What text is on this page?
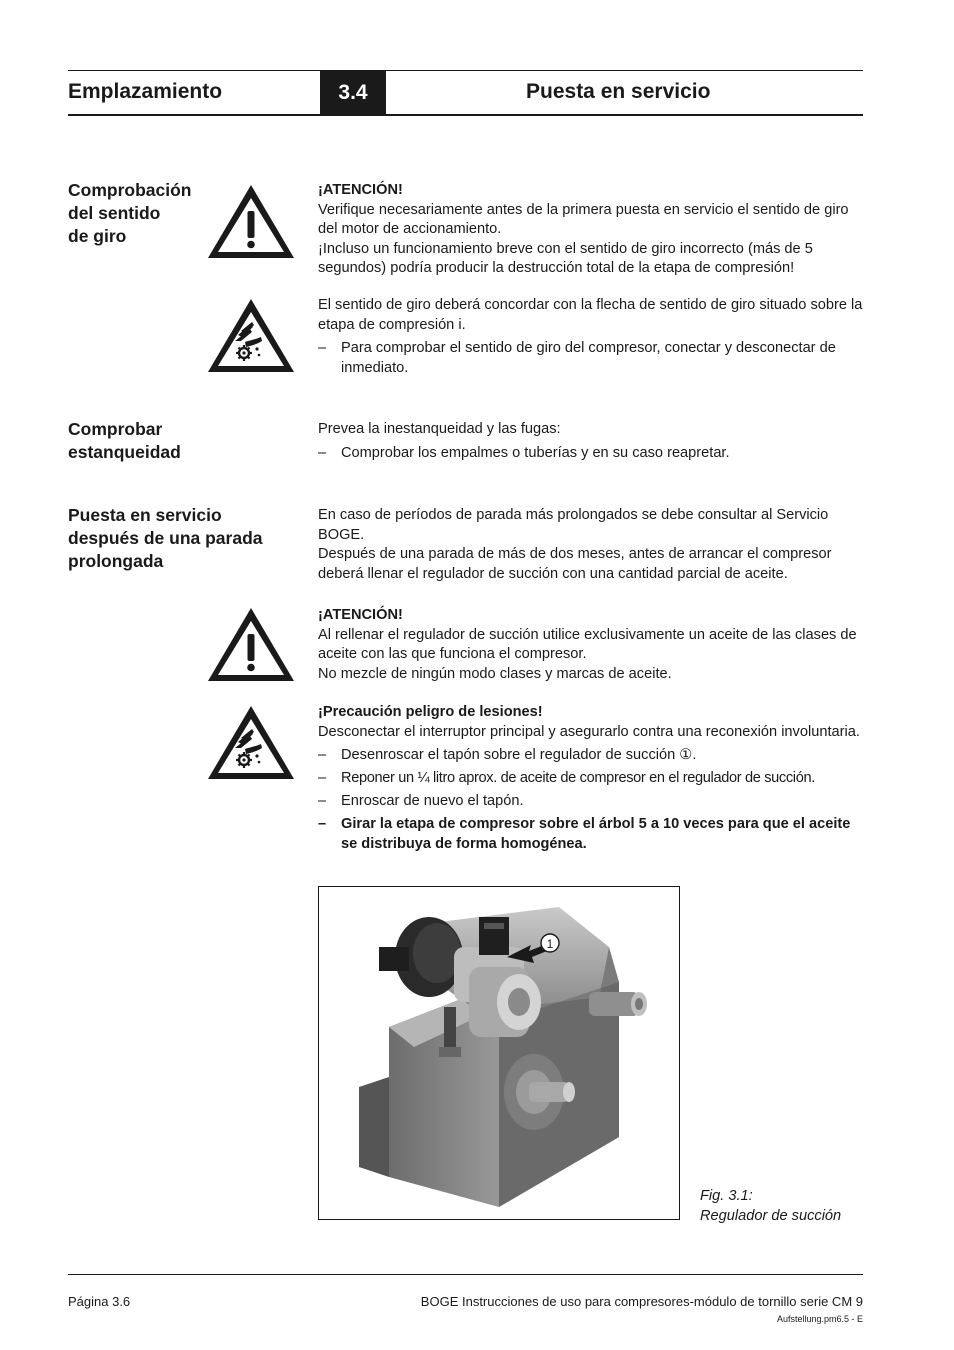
Emplazamiento	3.4	Puesta en servicio
Comprobación
del sentido
de giro

¡ATENCIÓN!

Verifique necesariamente antes de la primera puesta en servicio el sentido de giro del motor de accionamiento.

¡Incluso un funcionamiento breve con el sentido de giro incorrecto (más de 5 segundos) podría producir la destrucción total de la etapa de compresión!

El sentido de giro deberá concordar con la flecha de sentido de giro situado sobre la etapa de compresión i.

– Para comprobar el sentido de giro del compresor, conectar y desconectar de inmediato.
Comprobar
estanqueidad

Prevea la inestanqueidad y las fugas:

– Comprobar los empalmes o tuberías y en su caso reapretar.
Puesta en servicio
después de una parada
prolongada

En caso de períodos de parada más prolongados se debe consultar al Servicio BOGE.

Después de una parada de más de dos meses, antes de arrancar el compresor deberá llenar el regulador de succión con una cantidad parcial de aceite.

¡ATENCIÓN!

Al rellenar el regulador de succión utilice exclusivamente un aceite de las clases de aceite con las que funciona el compresor.

No mezcle de ningún modo clases y marcas de aceite.

¡Precaución peligro de lesiones!

Desconectar el interruptor principal y asegurarlo contra una reconexión involuntaria.

– Desenroscar el tapón sobre el regulador de succión ①.
– Reponer un ¼ litro aprox. de aceite de compresor en el regulador de succión.
– Enroscar de nuevo el tapón.
– Girar la etapa de compresor sobre el árbol 5 a 10 veces para que el aceite se distribuya de forma homogénea.
1
Fig. 3.1:
Regulador de succión
Página 3.6	BOGE Instrucciones de uso para compresores-módulo de tornillo serie CM 9
Aufstellung.pm6.5 - E
